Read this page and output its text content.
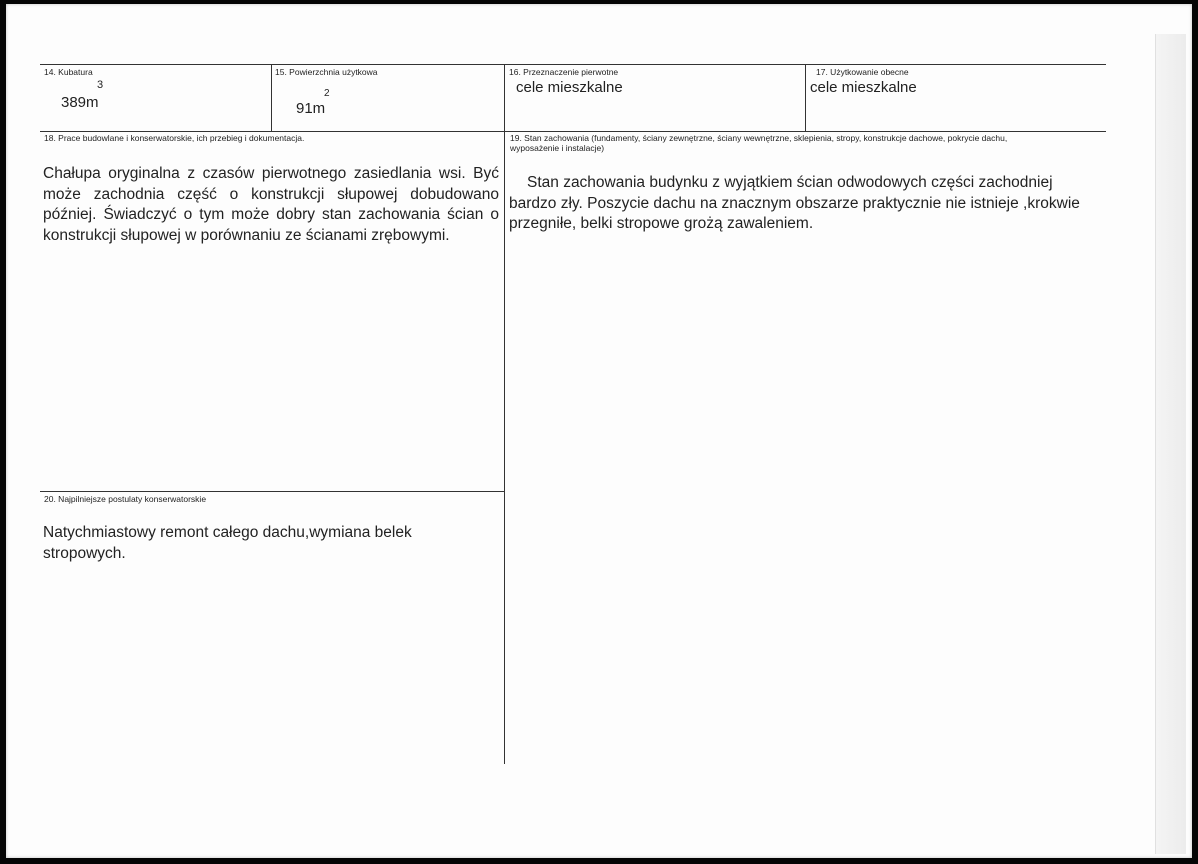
14. Kubatura
3
389m
15. Powierzchnia użytkowa
2
91m
16. Przeznaczenie pierwotne
cele mieszkalne
17. Użytkowanie obecne
cele mieszkalne
18. Prace budowlane i konserwatorskie, ich przebieg i dokumentacja.
Chałupa oryginalna z czasów pierwotnego zasiedlania wsi. Być może zachodnia część o konstrukcji słupowej dobudowano później. Świadczyć o tym może dobry stan zachowania ścian o konstrukcji słupowej w porównaniu ze ścianami zrębowymi.
19. Stan zachowania (fundamenty, ściany zewnętrzne, ściany wewnętrzne, sklepienia, stropy, konstrukcje dachowe, pokrycie dachu,
wyposażenie i instalacje)
Stan zachowania budynku z wyjątkiem ścian odwodowych części zachodniej bardzo zły. Poszycie dachu na znacznym obszarze praktycznie nie istnieje ,krokwie przegniłe, belki stropowe grożą zawaleniem.
20. Najpilniejsze postulaty konserwatorskie
Natychmiastowy remont całego dachu,wymiana belek stropowych.
